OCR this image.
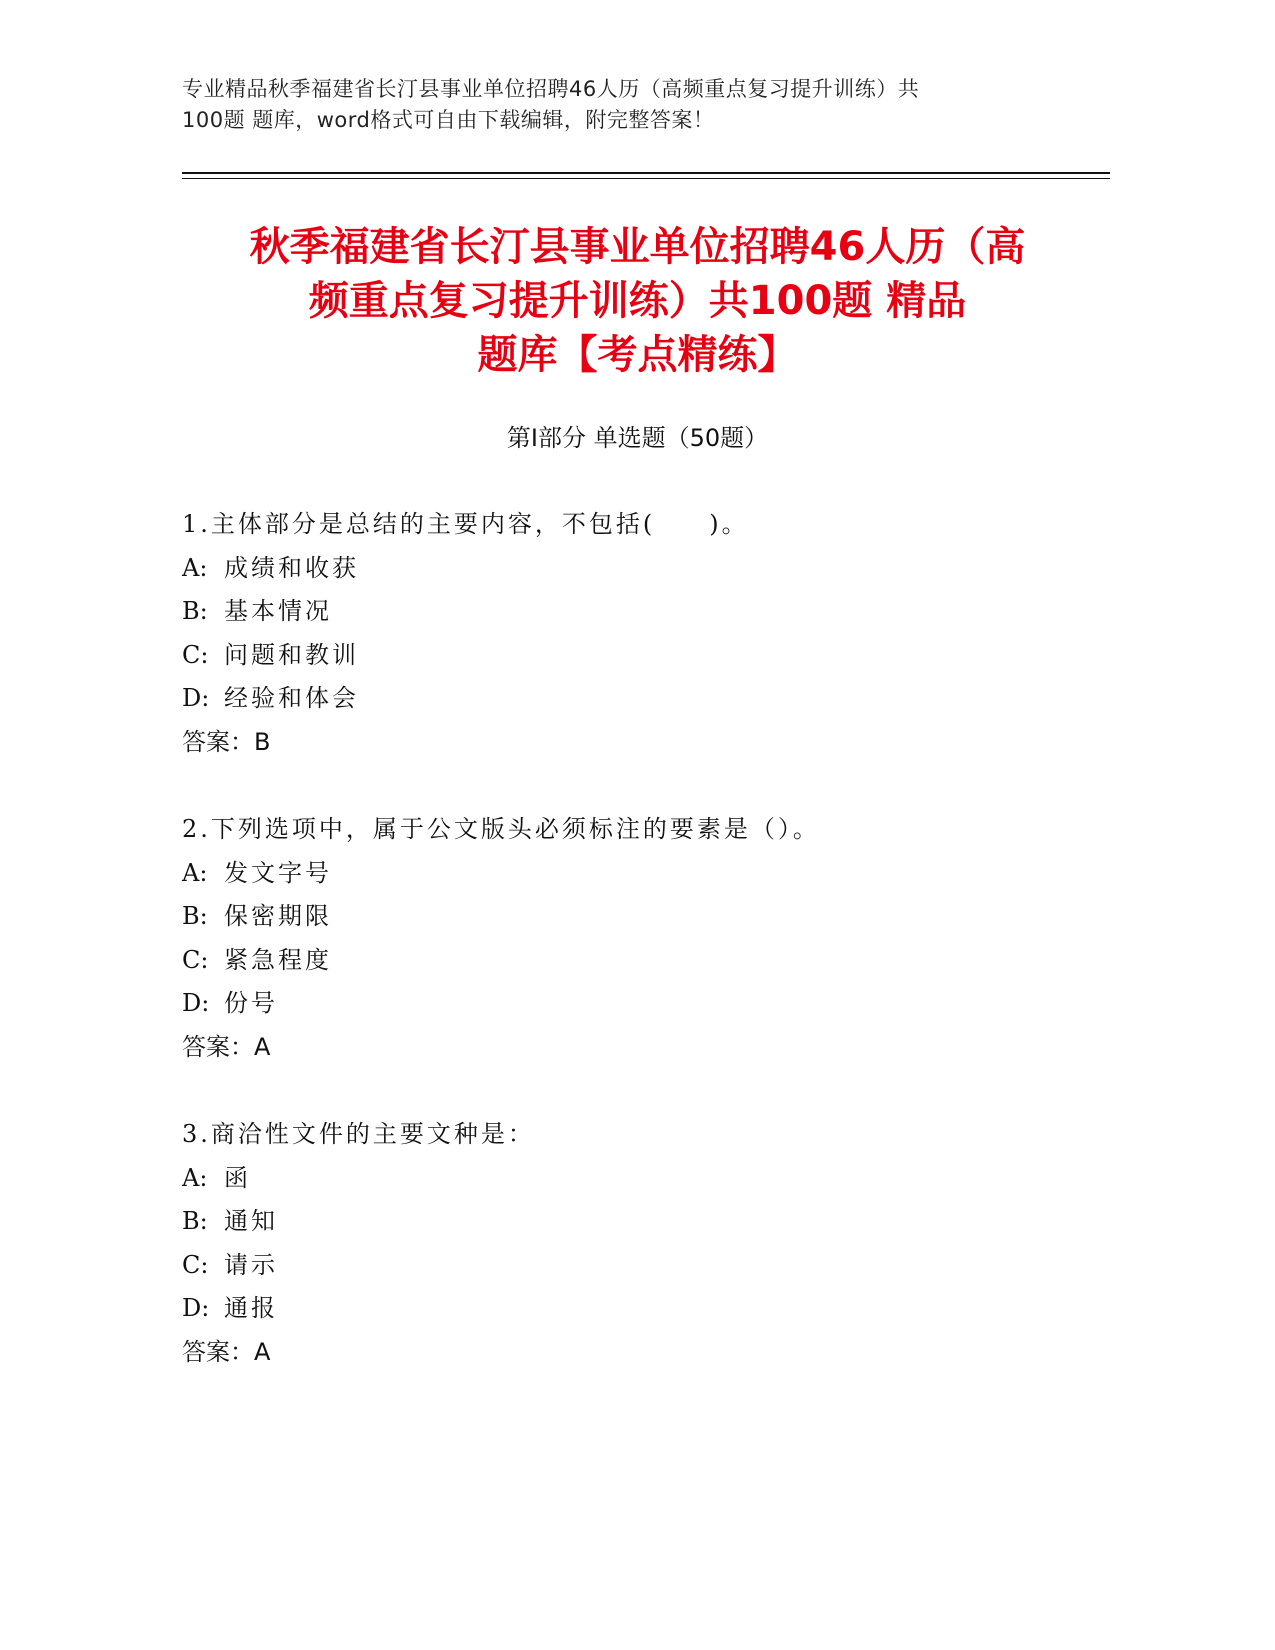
专业精品秋季福建省长汀县事业单位招聘46人历（高频重点复习提升训练）共
100题 题库，word格式可自由下载编辑，附完整答案！
秋季福建省长汀县事业单位招聘46人历（高
频重点复习提升训练）共100题 精品
题库【考点精练】
第I部分 单选题（50题）
1.主体部分是总结的主要内容，不包括(　　)。
A: 成绩和收获
B: 基本情况
C: 问题和教训
D: 经验和体会
答案：B
2.下列选项中，属于公文版头必须标注的要素是（）。
A: 发文字号
B: 保密期限
C: 紧急程度
D: 份号
答案：A
3.商洽性文件的主要文种是：
A: 函
B: 通知
C: 请示
D: 通报
答案：A
